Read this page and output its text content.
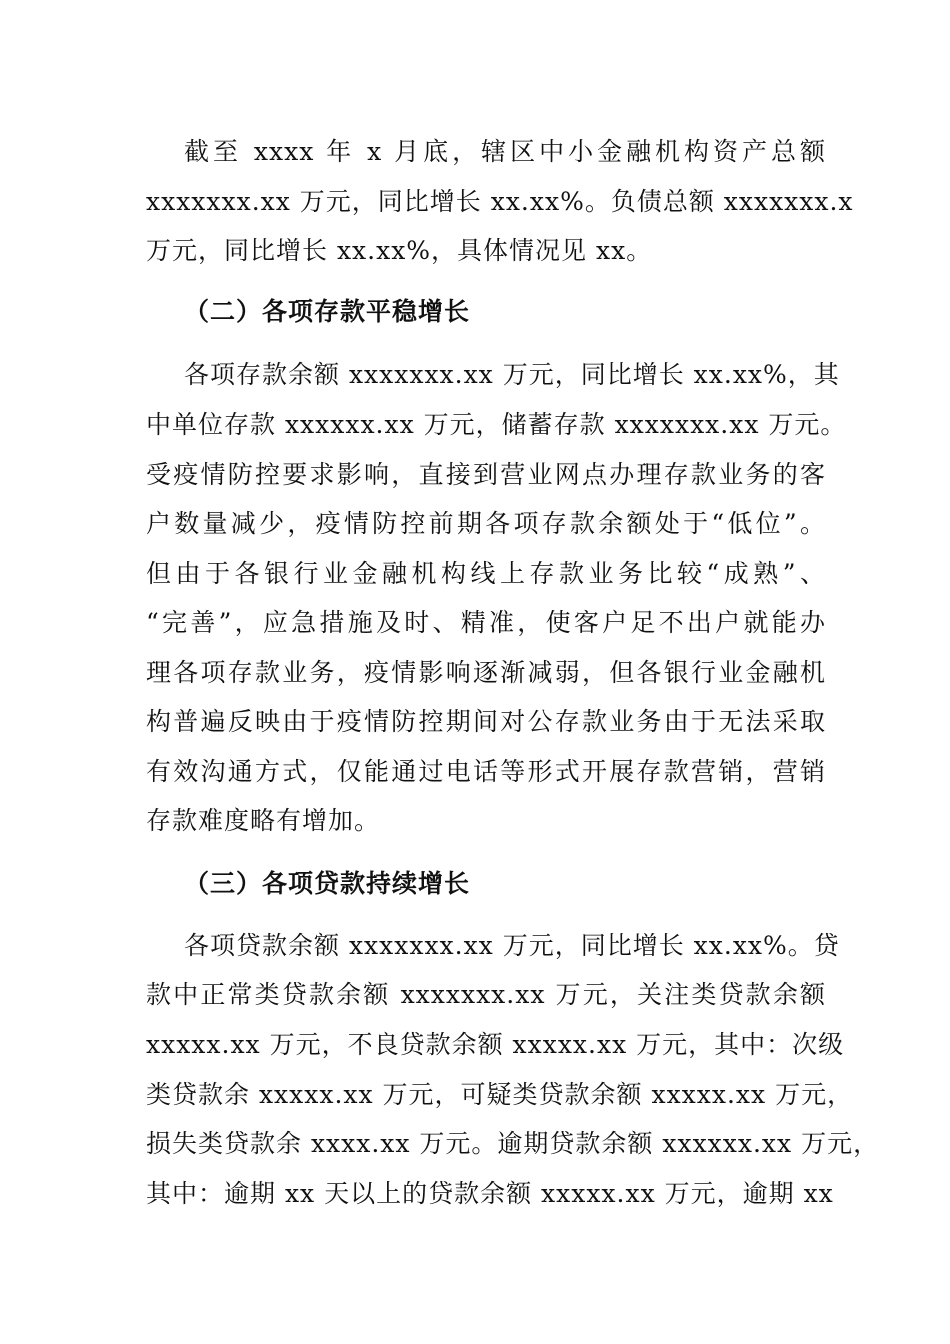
截至 xxxx 年 x 月底，辖区中小金融机构资产总额
xxxxxxx.xx 万元，同比增长 xx.xx%。负债总额 xxxxxxx.x
万元，同比增长 xx.xx%，具体情况见 xx。
（二）各项存款平稳增长
各项存款余额 xxxxxxx.xx 万元，同比增长 xx.xx%，其
中单位存款 xxxxxx.xx 万元，储蓄存款 xxxxxxx.xx 万元。
受疫情防控要求影响，直接到营业网点办理存款业务的客
户数量减少，疫情防控前期各项存款余额处于“低位”。
但由于各银行业金融机构线上存款业务比较“成熟”、
“完善”，应急措施及时、精准，使客户足不出户就能办
理各项存款业务，疫情影响逐渐减弱，但各银行业金融机
构普遍反映由于疫情防控期间对公存款业务由于无法采取
有效沟通方式，仅能通过电话等形式开展存款营销，营销
存款难度略有增加。
（三）各项贷款持续增长
各项贷款余额 xxxxxxx.xx 万元，同比增长 xx.xx%。贷
款中正常类贷款余额 xxxxxxx.xx 万元，关注类贷款余额
xxxxx.xx 万元，不良贷款余额 xxxxx.xx 万元，其中：次级
类贷款余 xxxxx.xx 万元，可疑类贷款余额 xxxxx.xx 万元，
损失类贷款余 xxxx.xx 万元。逾期贷款余额 xxxxxx.xx 万元，
其中：逾期 xx 天以上的贷款余额 xxxxx.xx 万元，逾期 xx
